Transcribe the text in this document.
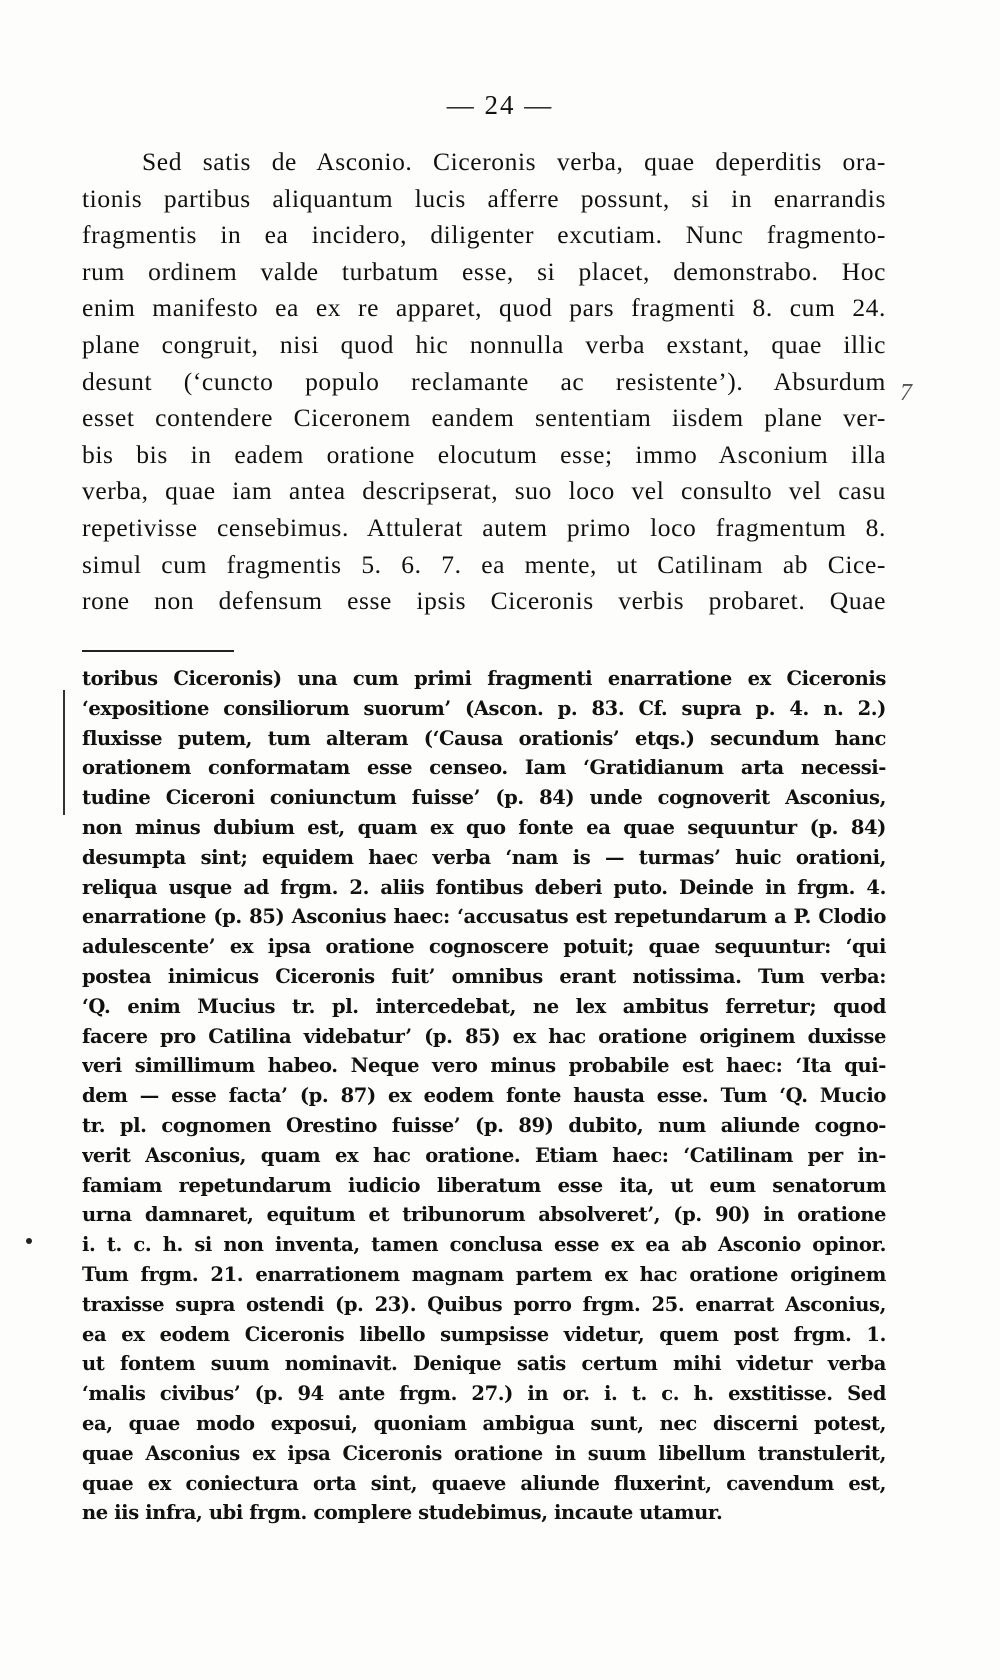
— 24 —
Sed satis de Asconio. Ciceronis verba, quae deperditis ora-
tionis partibus aliquantum lucis afferre possunt, si in enarrandis
fragmentis in ea incidero, diligenter excutiam. Nunc fragmento-
rum ordinem valde turbatum esse, si placet, demonstrabo. Hoc
enim manifesto ea ex re apparet, quod pars fragmenti 8. cum 24.
plane congruit, nisi quod hic nonnulla verba exstant, quae illic
desunt (‘cuncto populo reclamante ac resistente’). Absurdum
esset contendere Ciceronem eandem sententiam iisdem plane ver-
bis bis in eadem oratione elocutum esse; immo Asconium illa
verba, quae iam antea descripserat, suo loco vel consulto vel casu
repetivisse censebimus. Attulerat autem primo loco fragmentum 8.
simul cum fragmentis 5. 6. 7. ea mente, ut Catilinam ab Cice-
rone non defensum esse ipsis Ciceronis verbis probaret. Quae
7
toribus Ciceronis) una cum primi fragmenti enarratione ex Ciceronis
‘expositione consiliorum suorum’ (Ascon. p. 83. Cf. supra p. 4. n. 2.)
fluxisse putem, tum alteram (‘Causa orationis’ etqs.) secundum hanc
orationem conformatam esse censeo. Iam ‘Gratidianum arta necessi-
tudine Ciceroni coniunctum fuisse’ (p. 84) unde cognoverit Asconius,
non minus dubium est, quam ex quo fonte ea quae sequuntur (p. 84)
desumpta sint; equidem haec verba ‘nam is — turmas’ huic orationi,
reliqua usque ad frgm. 2. aliis fontibus deberi puto. Deinde in frgm. 4.
enarratione (p. 85) Asconius haec: ‘accusatus est repetundarum a P. Clodio
adulescente’ ex ipsa oratione cognoscere potuit; quae sequuntur: ‘qui
postea inimicus Ciceronis fuit’ omnibus erant notissima. Tum verba:
‘Q. enim Mucius tr. pl. intercedebat, ne lex ambitus ferretur; quod
facere pro Catilina videbatur’ (p. 85) ex hac oratione originem duxisse
veri simillimum habeo. Neque vero minus probabile est haec: ‘Ita qui-
dem — esse facta’ (p. 87) ex eodem fonte hausta esse. Tum ‘Q. Mucio
tr. pl. cognomen Orestino fuisse’ (p. 89) dubito, num aliunde cogno-
verit Asconius, quam ex hac oratione. Etiam haec: ‘Catilinam per in-
famiam repetundarum iudicio liberatum esse ita, ut eum senatorum
urna damnaret, equitum et tribunorum absolveret’, (p. 90) in oratione
i. t. c. h. si non inventa, tamen conclusa esse ex ea ab Asconio opinor.
Tum frgm. 21. enarrationem magnam partem ex hac oratione originem
traxisse supra ostendi (p. 23). Quibus porro frgm. 25. enarrat Asconius,
ea ex eodem Ciceronis libello sumpsisse videtur, quem post frgm. 1.
ut fontem suum nominavit. Denique satis certum mihi videtur verba
‘malis civibus’ (p. 94 ante frgm. 27.) in or. i. t. c. h. exstitisse. Sed
ea, quae modo exposui, quoniam ambigua sunt, nec discerni potest,
quae Asconius ex ipsa Ciceronis oratione in suum libellum transtulerit,
quae ex coniectura orta sint, quaeve aliunde fluxerint, cavendum est,
ne iis infra, ubi frgm. complere studebimus, incaute utamur.
